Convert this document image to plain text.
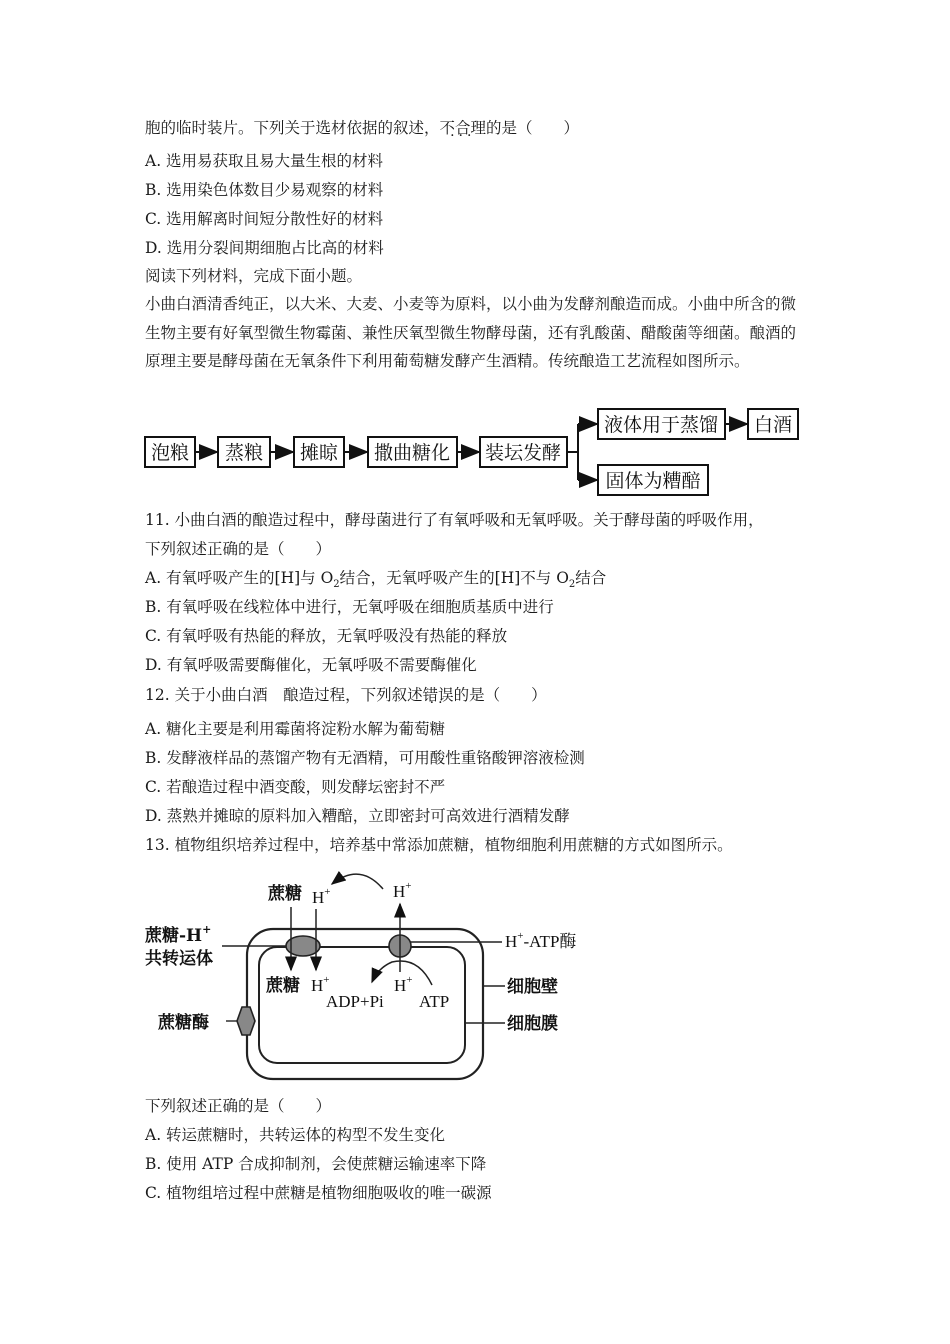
胞的临时装片。下列关于选材依据的叙述，不合理 ···的是（　　）
A. 选用易获取且易大量生根的材料
B. 选用染色体数目少易观察的材料
C. 选用解离时间短分散性好的材料
D. 选用分裂间期细胞占比高的材料
阅读下列材料，完成下面小题。
小曲白酒清香纯正，以大米、大麦、小麦等为原料，以小曲为发酵剂酿造而成。小曲中所含的微生物主要有好氧型微生物霉菌、兼性厌氧型微生物酵母菌，还有乳酸菌、醋酸菌等细菌。酿酒的原理主要是酵母菌在无氧条件下利用葡萄糖发酵产生酒精。传统酿造工艺流程如图所示。
泡粮 蒸粮 摊晾 撒曲糖化 装坛发酵
液体用于蒸馏 白酒
固体为糟醅
蔗糖 H+	H+
蔗糖-H+
共转运体
H+-ATP酶
蔗糖 H+	H+
ADP+Pi ATP
细胞壁
蔗糖酶	细胞膜
11. 小曲白酒的酿造过程中，酵母菌进行了有氧呼吸和无氧呼吸。关于酵母菌的呼吸作用，
下列叙述正确的是（　　）
A. 有氧呼吸产生的[H]与 $O_2$结合，无氧呼吸产生的[H]不与 $O_2$结合
B. 有氧呼吸在线粒体中进行，无氧呼吸在细胞质基质中进行
C. 有氧呼吸有热能的释放，无氧呼吸没有热能的释放
D. 有氧呼吸需要酶催化，无氧呼吸不需要酶催化
12. 关于小曲白酒　酿造过程，下列叙述错误 ··的是（　　）
A. 糖化主要是利用霉菌将淀粉水解为葡萄糖
B. 发酵液样品的蒸馏产物有无酒精，可用酸性重铬酸钾溶液检测
C. 若酿造过程中酒变酸，则发酵坛密封不严
D. 蒸熟并摊晾的原料加入糟醅，立即密封可高效进行酒精发酵
13. 植物组织培养过程中，培养基中常添加蔗糖，植物细胞利用蔗糖的方式如图所示。
下列叙述正确的是（　　）
A. 转运蔗糖时，共转运体的构型不发生变化
B. 使用 ATP 合成抑制剂，会使蔗糖运输速率下降
C. 植物组培过程中蔗糖是植物细胞吸收的唯一碳源
